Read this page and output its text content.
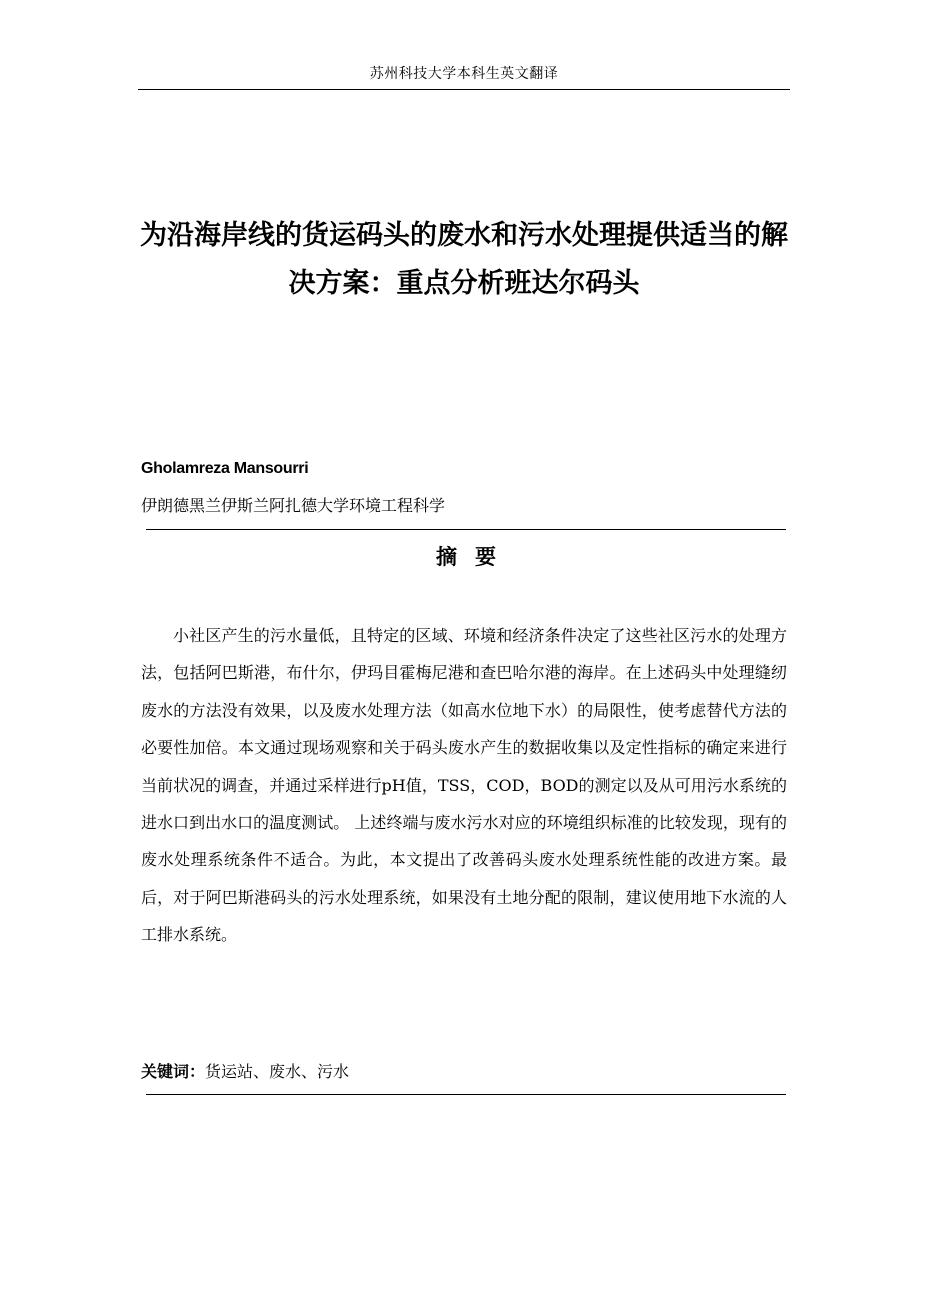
苏州科技大学本科生英文翻译
为沿海岸线的货运码头的废水和污水处理提供适当的解决方案：重点分析班达尔码头
Gholamreza Mansourri
伊朗德黑兰伊斯兰阿扎德大学环境工程科学
摘要

小社区产生的污水量低，且特定的区域、环境和经济条件决定了这些社区污水的处理方法，包括阿巴斯港，布什尔，伊玛目霍梅尼港和查巴哈尔港的海岸。在上述码头中处理缝纫废水的方法没有效果，以及废水处理方法（如高水位地下水）的局限性，使考虑替代方法的必要性加倍。本文通过现场观察和关于码头废水产生的数据收集以及定性指标的确定来进行当前状况的调查，并通过采样进行pH值，TSS，COD，BOD的测定以及从可用污水系统的进水口到出水口的温度测试。 上述终端与废水污水对应的环境组织标准的比较发现，现有的废水处理系统条件不适合。为此，本文提出了改善码头废水处理系统性能的改进方案。最后，对于阿巴斯港码头的污水处理系统，如果没有土地分配的限制，建议使用地下水流的人工排水系统。

关键词：货运站、废水、污水
